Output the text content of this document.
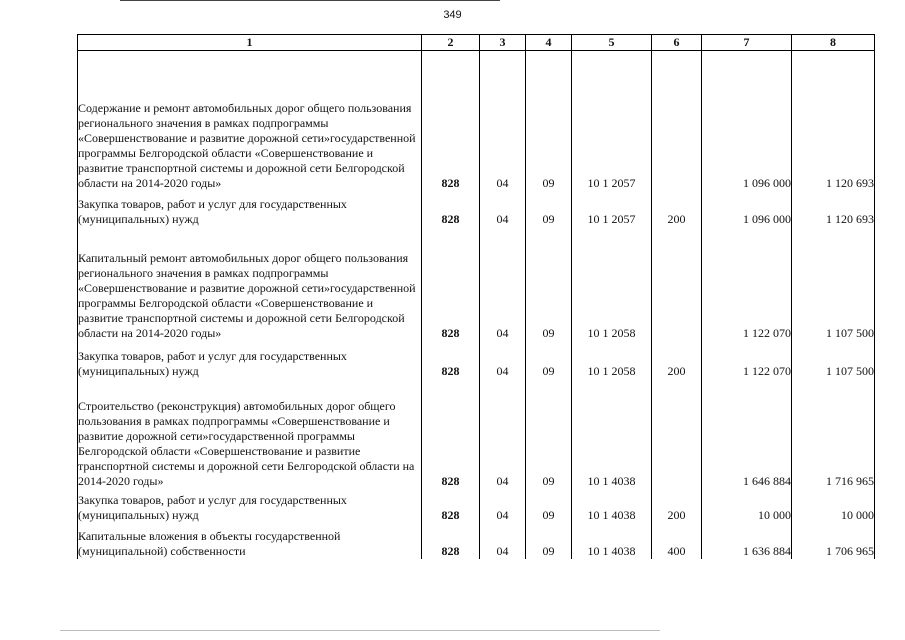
349
1	2	3	4	5	6	7	8
Содержание и ремонт автомобильных дорог общего пользования регионального значения в рамках подпрограммы «Совершенствование и развитие дорожной сети»государственной программы Белгородской области «Совершенствование и развитие транспортной системы и дорожной сети Белгородской области на 2014-2020 годы»	828	04	09	10 1 2057		1 096 000	1 120 693
Закупка товаров, работ и услуг для государственных (муниципальных) нужд	828	04	09	10 1 2057	200	1 096 000	1 120 693
Капитальный ремонт автомобильных дорог общего пользования регионального значения в рамках подпрограммы «Совершенствование и развитие дорожной сети»государственной программы Белгородской области «Совершенствование и развитие транспортной системы и дорожной сети Белгородской области на 2014-2020 годы»	828	04	09	10 1 2058		1 122 070	1 107 500
Закупка товаров, работ и услуг для государственных (муниципальных) нужд	828	04	09	10 1 2058	200	1 122 070	1 107 500
Строительство (реконструкция) автомобильных дорог общего пользования в рамках подпрограммы «Совершенствование и развитие дорожной сети»государственной программы Белгородской области «Совершенствование и развитие транспортной системы и дорожной сети Белгородской области на 2014-2020 годы»	828	04	09	10 1 4038		1 646 884	1 716 965
Закупка товаров, работ и услуг для государственных (муниципальных) нужд	828	04	09	10 1 4038	200	10 000	10 000
Капитальные вложения в объекты государственной (муниципальной) собственности	828	04	09	10 1 4038	400	1 636 884	1 706 965
